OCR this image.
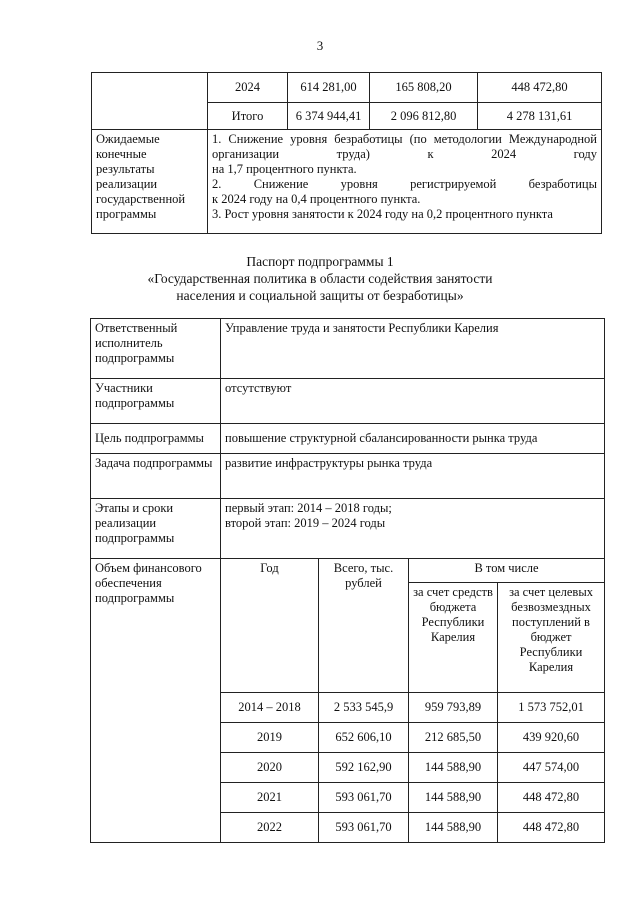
3
	2024	614 281,00	165 808,20	448 472,80
	Итого	6 374 944,41	2 096 812,80	4 278 131,61
Ожидаемые конечные результаты реализации государственной программы	1. Снижение уровня безработицы (по методологии Международной организации труда) к 2024 году
на 1,7 процентного пункта.
2. Снижение уровня регистрируемой безработицы
к 2024 году на 0,4 процентного пункта.
3. Рост уровня занятости к 2024 году на 0,2 процентного пункта			
Паспорт подпрограммы 1
«Государственная политика в области содействия занятости
населения и социальной защиты от безработицы»
Ответственный исполнитель подпрограммы	Управление труда и занятости Республики Карелия			
Участники подпрограммы	отсутствуют			
Цель подпрограммы	повышение структурной сбалансированности рынка труда			
Задача подпрограммы	развитие инфраструктуры рынка труда			
Этапы и сроки реализации подпрограммы	первый этап: 2014 – 2018 годы;
второй этап: 2019 – 2024 годы			

Объем финансового обеспечения подпрограммы	Год	Всего, тыс. рублей	В том числе	
			за счет средств бюджета Республики Карелия	за счет целевых безвозмездных поступлений в бюджет Республики Карелия
	2014 – 2018	2 533 545,9	959 793,89	1 573 752,01
	2019	652 606,10	212 685,50	439 920,60
	2020	592 162,90	144 588,90	447 574,00
	2021	593 061,70	144 588,90	448 472,80
	2022	593 061,70	144 588,90	448 472,80
